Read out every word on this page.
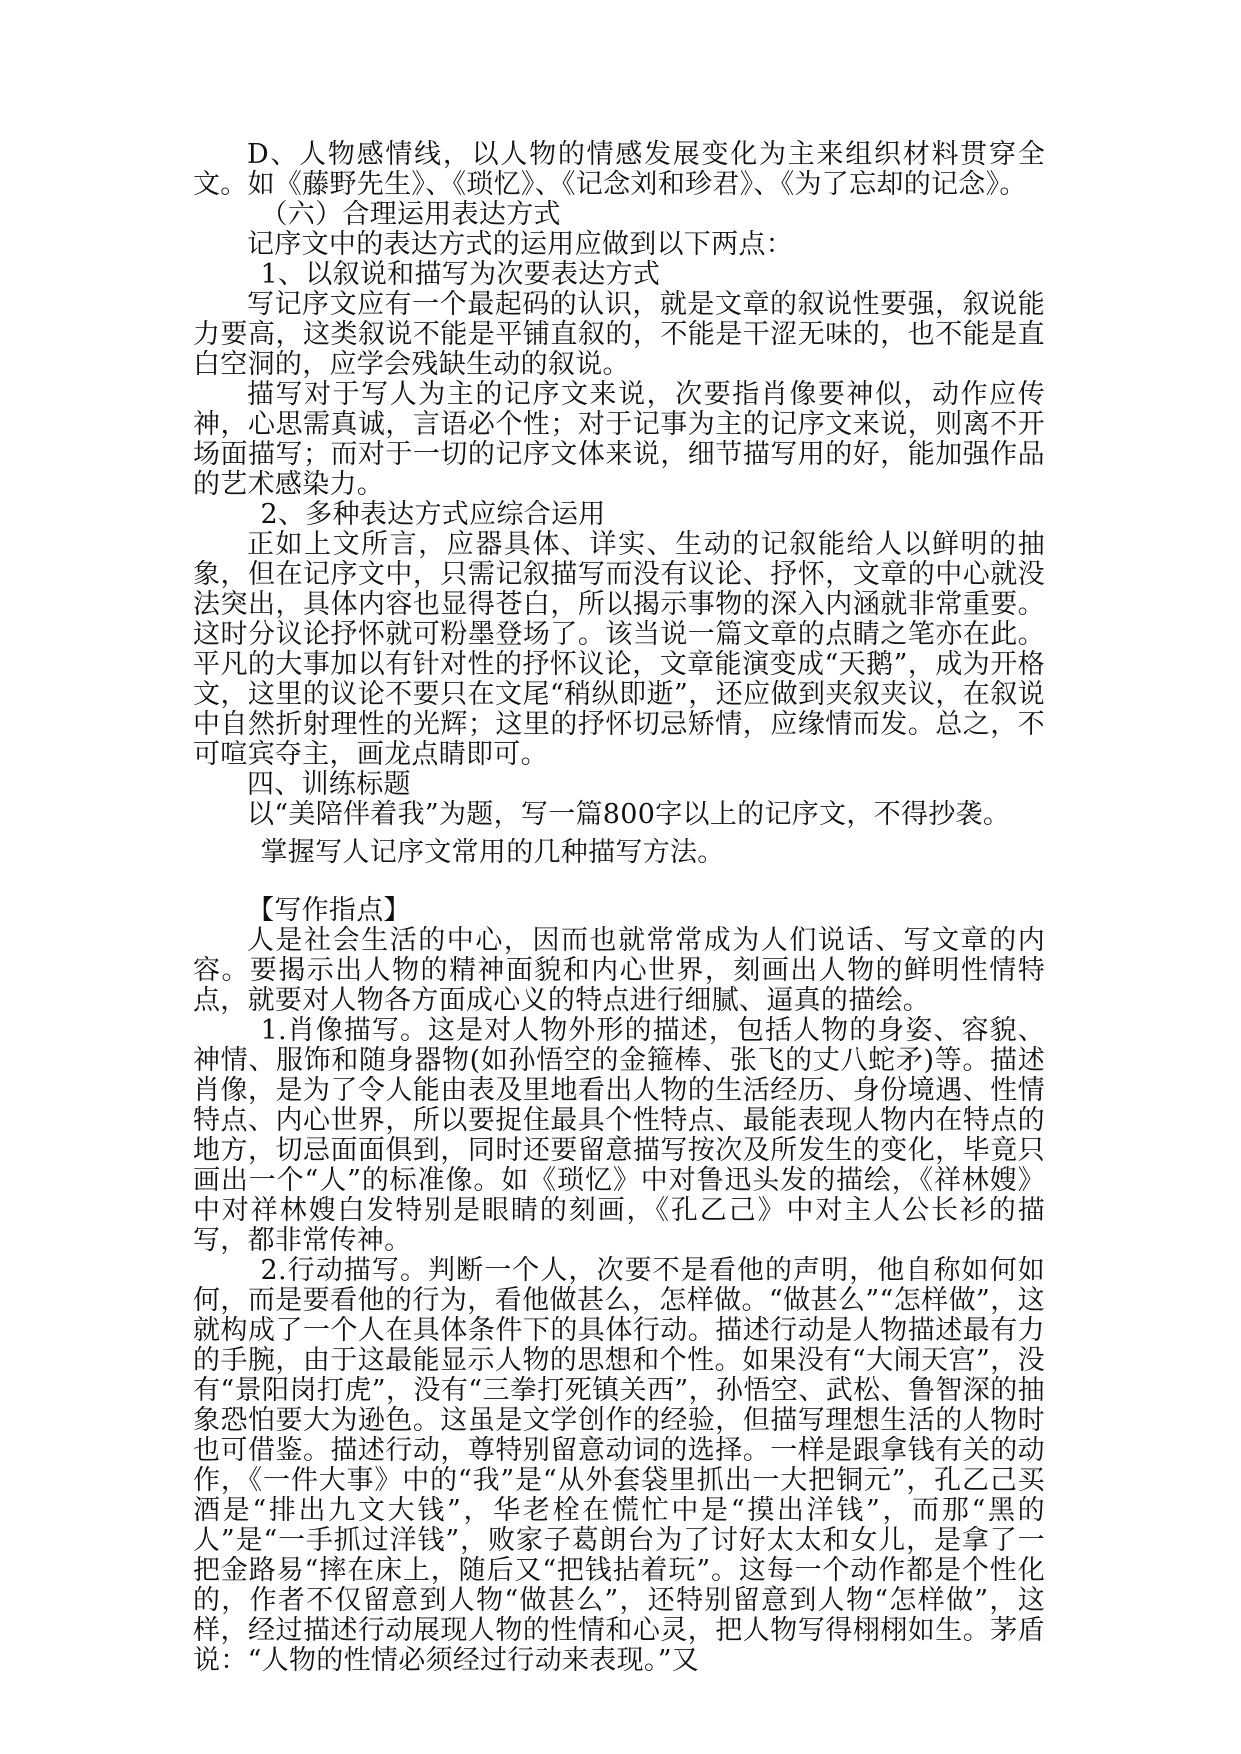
D、人物感情线，以人物的情感发展变化为主来组织材料贯穿全文。如《藤野先生》、《琐忆》、《记念刘和珍君》、《为了忘却的记念》。

（六）合理运用表达方式

记序文中的表达方式的运用应做到以下两点：

1、以叙说和描写为次要表达方式

写记序文应有一个最起码的认识，就是文章的叙说性要强，叙说能力要高，这类叙说不能是平铺直叙的，不能是干涩无味的，也不能是直白空洞的，应学会残缺生动的叙说。

描写对于写人为主的记序文来说，次要指肖像要神似，动作应传神，心思需真诚，言语必个性；对于记事为主的记序文来说，则离不开场面描写；而对于一切的记序文体来说，细节描写用的好，能加强作品的艺术感染力。

2、多种表达方式应综合运用

正如上文所言，应器具体、详实、生动的记叙能给人以鲜明的抽象，但在记序文中，只需记叙描写而没有议论、抒怀，文章的中心就没法突出，具体内容也显得苍白，所以揭示事物的深入内涵就非常重要。这时分议论抒怀就可粉墨登场了。该当说一篇文章的点睛之笔亦在此。平凡的大事加以有针对性的抒怀议论，文章能演变成“天鹅”，成为开格文，这里的议论不要只在文尾“稍纵即逝”，还应做到夹叙夹议，在叙说中自然折射理性的光辉；这里的抒怀切忌矫情，应缘情而发。总之，不可喧宾夺主，画龙点睛即可。

四、训练标题

以“美陪伴着我”为题，写一篇800字以上的记序文，不得抄袭。

掌握写人记序文常用的几种描写方法。

【写作指点】

人是社会生活的中心，因而也就常常成为人们说话、写文章的内容。要揭示出人物的精神面貌和内心世界，刻画出人物的鲜明性情特点，就要对人物各方面成心义的特点进行细腻、逼真的描绘。

1.肖像描写。这是对人物外形的描述，包括人物的身姿、容貌、神情、服饰和随身器物(如孙悟空的金箍棒、张飞的丈八蛇矛)等。描述肖像，是为了令人能由表及里地看出人物的生活经历、身份境遇、性情特点、内心世界，所以要捉住最具个性特点、最能表现人物内在特点的地方，切忌面面俱到，同时还要留意描写按次及所发生的变化，毕竟只画出一个“人”的标准像。如《琐忆》中对鲁迅头发的描绘，《祥林嫂》中对祥林嫂白发特别是眼睛的刻画，《孔乙己》中对主人公长衫的描写，都非常传神。

2.行动描写。判断一个人，次要不是看他的声明，他自称如何如何，而是要看他的行为，看他做甚么，怎样做。“做甚么”“怎样做”，这就构成了一个人在具体条件下的具体行动。描述行动是人物描述最有力的手腕，由于这最能显示人物的思想和个性。如果没有“大闹天宫”，没有“景阳岗打虎”，没有“三拳打死镇关西”，孙悟空、武松、鲁智深的抽象恐怕要大为逊色。这虽是文学创作的经验，但描写理想生活的人物时也可借鉴。描述行动，尊特别留意动词的选择。一样是跟拿钱有关的动作，《一件大事》中的“我”是“从外套袋里抓出一大把铜元”，孔乙己买酒是“排出九文大钱”，华老栓在慌忙中是“摸出洋钱”，而那“黑的人”是“一手抓过洋钱”，败家子葛朗台为了讨好太太和女儿，是拿了一把金路易“摔在床上，随后又“把钱拈着玩”。这每一个动作都是个性化的，作者不仅留意到人物“做甚么”，还特别留意到人物“怎样做”，这样，经过描述行动展现人物的性情和心灵，把人物写得栩栩如生。茅盾说：“人物的性情必须经过行动来表现。”又
